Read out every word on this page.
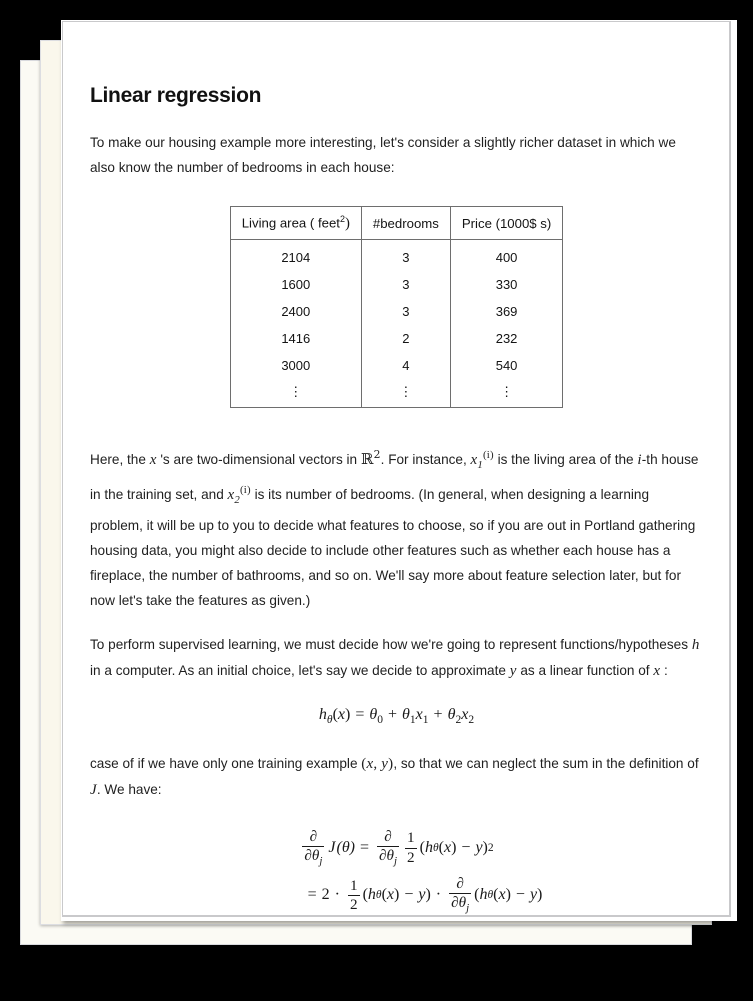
Linear regression

To make our housing example more interesting, let's consider a slightly richer dataset in which we also know the number of bedrooms in each house:

Living area ( feet$^2$)	#bedrooms	Price (1000$ s)
2104	3	400
1600	3	330
2400	3	369
1416	2	232
3000	4	540
⋮	⋮	⋮

Here, the x 's are two-dimensional vectors in ℝ$^2$. For instance, $x_1^{(i)}$ is the living area of the i-th house in the training set, and $x_2^{(i)}$ is its number of bedrooms. (In general, when designing a learning problem, it will be up to you to decide what features to choose, so if you are out in Portland gathering housing data, you might also decide to include other features such as whether each house has a fireplace, the number of bathrooms, and so on. We'll say more about feature selection later, but for now let's take the features as given.)

To perform supervised learning, we must decide how we're going to represent functions/hypotheses h in a computer. As an initial choice, let's say we decide to approximate y as a linear function of x :

$h_\theta(x) = \theta_0 + \theta_1x_1 + \theta_2x_2$

case of if we have only one training example (x, y), so that we can neglect the sum in the definition of J. We have:

$\frac{\partial}{\partial\theta_j}$ J $(\theta) = \frac{\partial}{\partial\theta_j} \frac{1}{2}$ ( h θ ( x ) − y ) 2
= $2 \cdot \frac{1}{2}$ ( h θ ( x ) − y ) · $\frac{\partial}{\partial\theta_j}$ ( h θ ( x ) − y )
